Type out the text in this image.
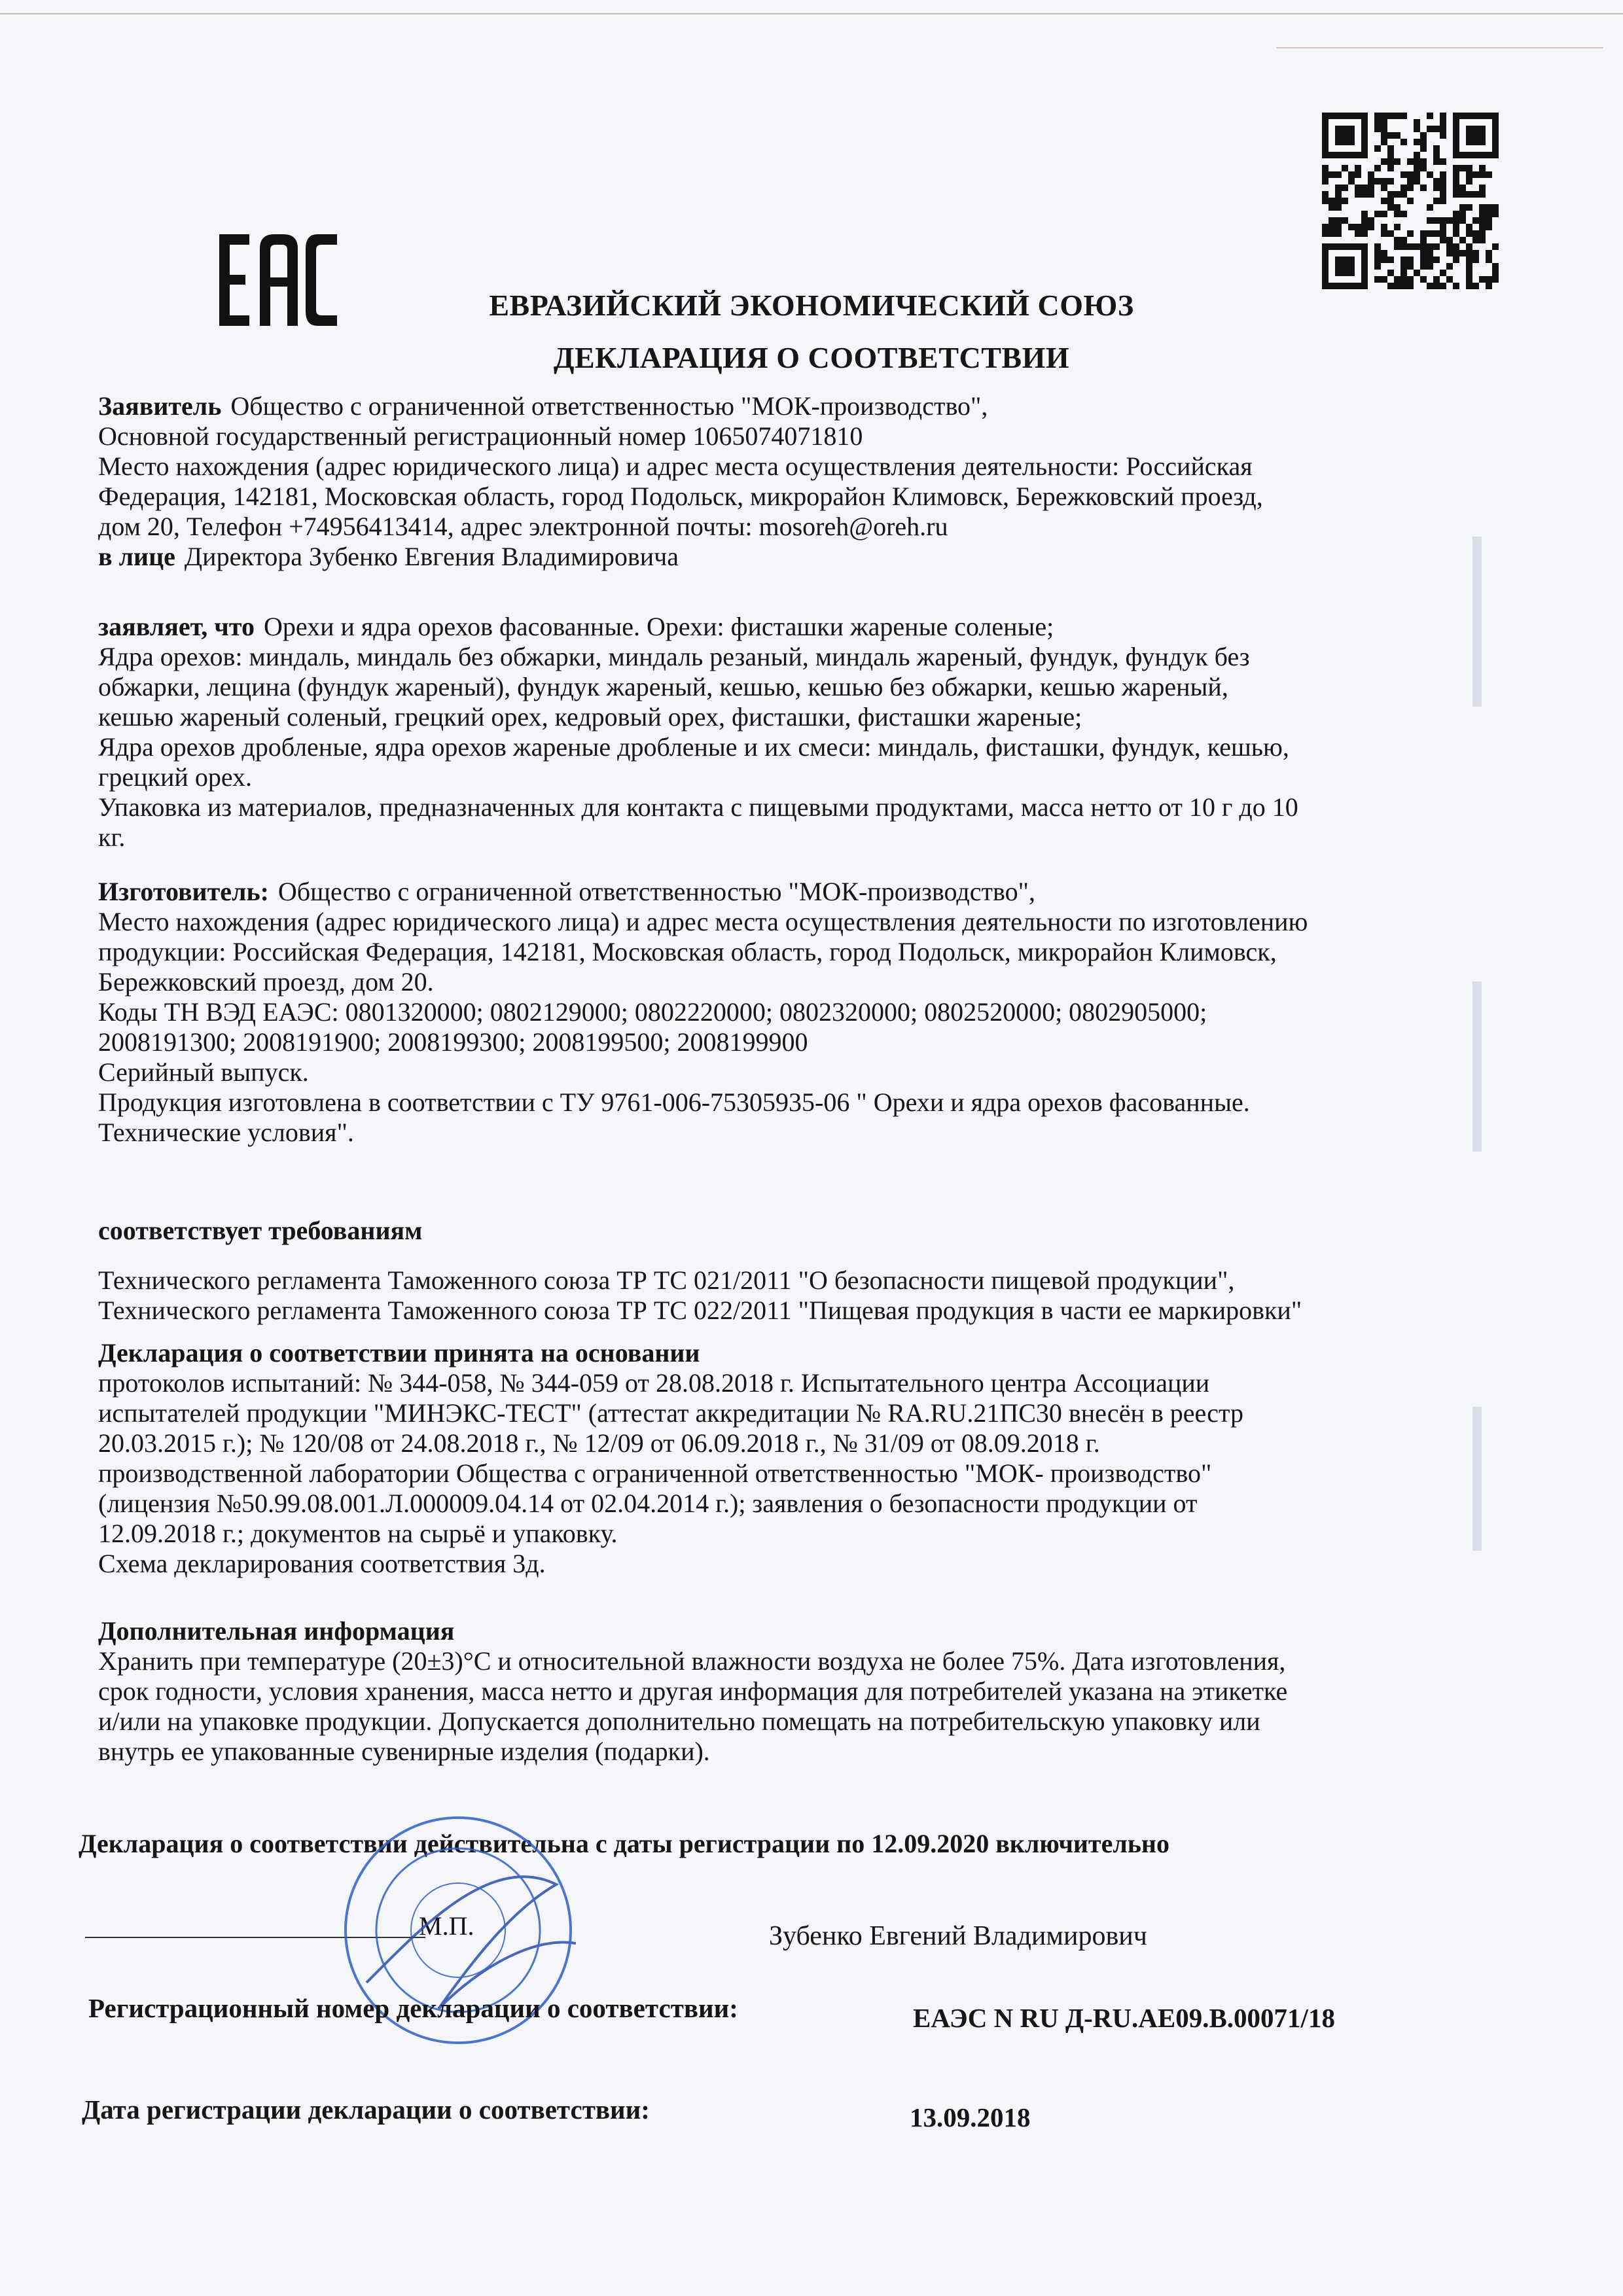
ЕВРАЗИЙСКИЙ ЭКОНОМИЧЕСКИЙ СОЮЗ
ДЕКЛАРАЦИЯ О СООТВЕТСТВИИ
Заявитель Общество с ограниченной ответственностью "МОК-производство",
Основной государственный регистрационный номер 1065074071810
Место нахождения (адрес юридического лица) и адрес места осуществления деятельности: Российская
Федерация, 142181, Московская область, город Подольск, микрорайон Климовск, Бережковский проезд,
дом 20, Телефон +74956413414, адрес электронной почты: mosoreh@oreh.ru
в лице Директора Зубенко Евгения Владимировича
заявляет, что Орехи и ядра орехов фасованные. Орехи: фисташки жареные соленые;
Ядра орехов: миндаль, миндаль без обжарки, миндаль резаный, миндаль жареный, фундук, фундук без
обжарки, лещина (фундук жареный), фундук жареный, кешью, кешью без обжарки, кешью жареный,
кешью жареный соленый, грецкий орех, кедровый орех, фисташки, фисташки жареные;
Ядра орехов дробленые, ядра орехов жареные дробленые и их смеси: миндаль, фисташки, фундук, кешью,
грецкий орех.
Упаковка из материалов, предназначенных для контакта с пищевыми продуктами, масса нетто от 10 г до 10
кг.
Изготовитель: Общество с ограниченной ответственностью "МОК-производство",
Место нахождения (адрес юридического лица) и адрес места осуществления деятельности по изготовлению
продукции: Российская Федерация, 142181, Московская область, город Подольск, микрорайон Климовск,
Бережковский проезд, дом 20.
Коды ТН ВЭД ЕАЭС: 0801320000; 0802129000; 0802220000; 0802320000; 0802520000; 0802905000;
2008191300; 2008191900; 2008199300; 2008199500; 2008199900
Серийный выпуск.
Продукция изготовлена в соответствии с ТУ 9761-006-75305935-06 " Орехи и ядра орехов фасованные.
Технические условия".
соответствует требованиям
Технического регламента Таможенного союза ТР ТС 021/2011 "О безопасности пищевой продукции",
Технического регламента Таможенного союза ТР ТС 022/2011 "Пищевая продукция в части ее маркировки"
Декларация о соответствии принята на основании
протоколов испытаний: № 344-058, № 344-059 от 28.08.2018 г. Испытательного центра Ассоциации
испытателей продукции "МИНЭКС-ТЕСТ" (аттестат аккредитации № RA.RU.21ПС30 внесён в реестр
20.03.2015 г.); № 120/08 от 24.08.2018 г., № 12/09 от 06.09.2018 г., № 31/09 от 08.09.2018 г.
производственной лаборатории Общества с ограниченной ответственностью "МОК- производство"
(лицензия №50.99.08.001.Л.000009.04.14 от 02.04.2014 г.); заявления о безопасности продукции от
12.09.2018 г.; документов на сырьё и упаковку.
Схема декларирования соответствия 3д.
Дополнительная информация
Хранить при температуре (20±3)°С и относительной влажности воздуха не более 75%. Дата изготовления,
срок годности, условия хранения, масса нетто и другая информация для потребителей указана на этикетке
и/или на упаковке продукции. Допускается дополнительно помещать на потребительскую упаковку или
внутрь ее упакованные сувенирные изделия (подарки).
Декларация о соответствии действительна с даты регистрации по 12.09.2020 включительно
М.П.	Зубенко Евгений Владимирович
Регистрационный номер декларации о соответствии:	ЕАЭС N RU Д-RU.АЕ09.В.00071/18
Дата регистрации декларации о соответствии:	13.09.2018
